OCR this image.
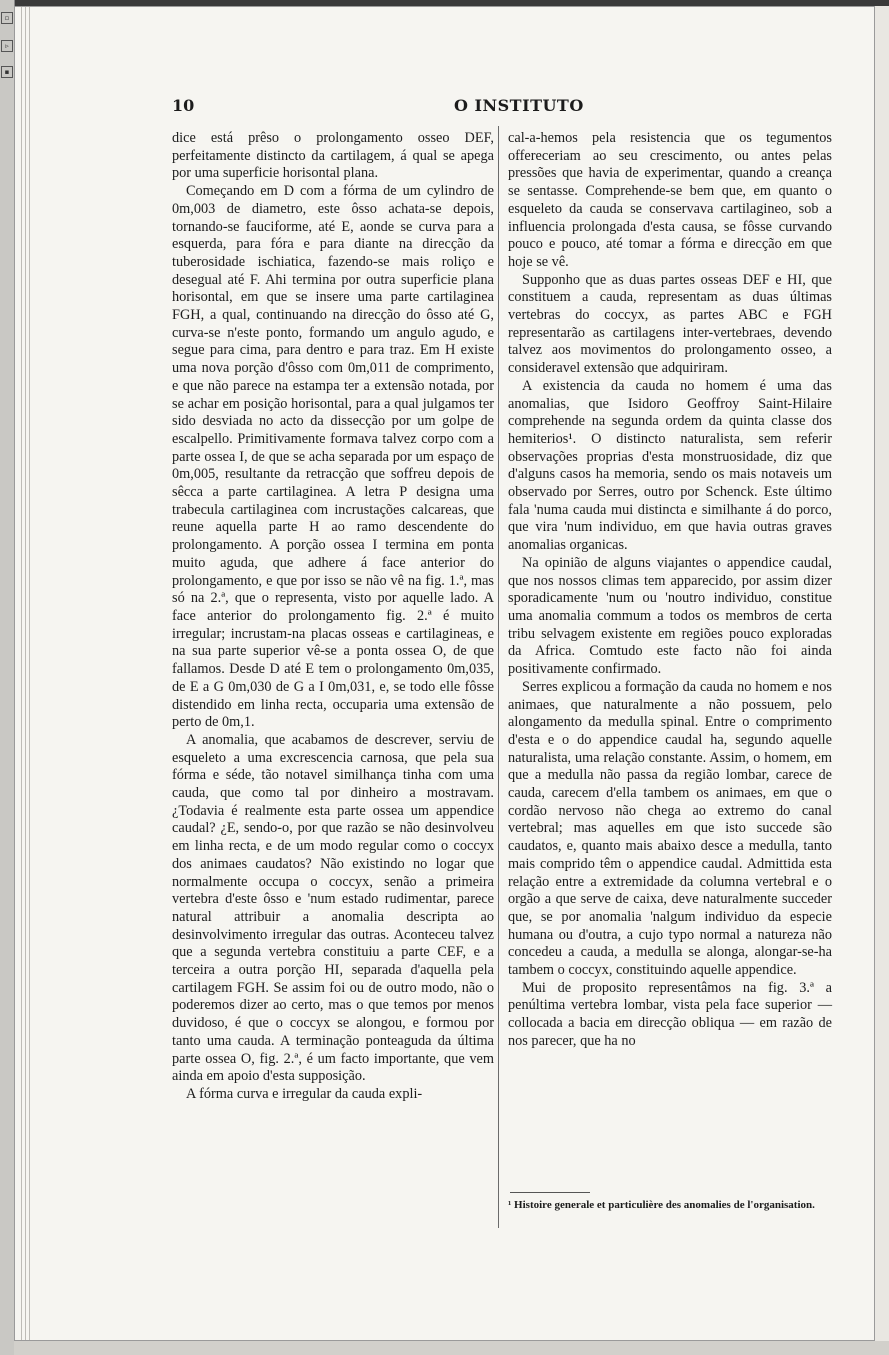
▫
▹
▪
10	O INSTITUTO

dice está prêso o prolongamento osseo DEF, perfeitamente distincto da cartilagem, á qual se apega por uma superficie horisontal plana.

Começando em D com a fórma de um cylindro de 0m,003 de diametro, este ôsso achata-se depois, tornando-se fauciforme, até E, aonde se curva para a esquerda, para fóra e para diante na direcção da tuberosidade ischiatica, fazendo-se mais roliço e desegual até F. Ahi termina por outra superficie plana horisontal, em que se insere uma parte cartilaginea FGH, a qual, continuando na direcção do ôsso até G, curva-se n'este ponto, formando um angulo agudo, e segue para cima, para dentro e para traz. Em H existe uma nova porção d'ôsso com 0m,011 de comprimento, e que não parece na estampa ter a extensão notada, por se achar em posição horisontal, para a qual julgamos ter sido desviada no acto da dissecção por um golpe de escalpello. Primitivamente formava talvez corpo com a parte ossea I, de que se acha separada por um espaço de 0m,005, resultante da retracção que soffreu depois de sêcca a parte cartilaginea. A letra P designa uma trabecula cartilaginea com incrustações calcareas, que reune aquella parte H ao ramo descendente do prolongamento. A porção ossea I termina em ponta muito aguda, que adhere á face anterior do prolongamento, e que por isso se não vê na fig. 1.ª, mas só na 2.ª, que o representa, visto por aquelle lado. A face anterior do prolongamento fig. 2.ª é muito irregular; incrustam-na placas osseas e cartilagineas, e na sua parte superior vê-se a ponta ossea O, de que fallamos. Desde D até E tem o prolongamento 0m,035, de E a G 0m,030 de G a I 0m,031, e, se todo elle fôsse distendido em linha recta, occuparia uma extensão de perto de 0m,1.

A anomalia, que acabamos de descrever, serviu de esqueleto a uma excrescencia carnosa, que pela sua fórma e séde, tão notavel similhança tinha com uma cauda, que como tal por dinheiro a mostravam. ¿Todavia é realmente esta parte ossea um appendice caudal? ¿E, sendo-o, por que razão se não desinvolveu em linha recta, e de um modo regular como o coccyx dos animaes caudatos? Não existindo no logar que normalmente occupa o coccyx, senão a primeira vertebra d'este ôsso e 'num estado rudimentar, parece natural attribuir a anomalia descripta ao desinvolvimento irregular das outras. Aconteceu talvez que a segunda vertebra constituiu a parte CEF, e a terceira a outra porção HI, separada d'aquella pela cartilagem FGH. Se assim foi ou de outro modo, não o poderemos dizer ao certo, mas o que temos por menos duvidoso, é que o coccyx se alongou, e formou por tanto uma cauda. A terminação ponteaguda da última parte ossea O, fig. 2.ª, é um facto importante, que vem ainda em apoio d'esta supposição.

A fórma curva e irregular da cauda expli-

cal-a-hemos pela resistencia que os tegumentos offereceriam ao seu crescimento, ou antes pelas pressões que havia de experimentar, quando a creança se sentasse. Comprehende-se bem que, em quanto o esqueleto da cauda se conservava cartilagineo, sob a influencia prolongada d'esta causa, se fôsse curvando pouco e pouco, até tomar a fórma e direcção em que hoje se vê.

Supponho que as duas partes osseas DEF e HI, que constituem a cauda, representam as duas últimas vertebras do coccyx, as partes ABC e FGH representarão as cartilagens inter-vertebraes, devendo talvez aos movimentos do prolongamento osseo, a consideravel extensão que adquiriram.

A existencia da cauda no homem é uma das anomalias, que Isidoro Geoffroy Saint-Hilaire comprehende na segunda ordem da quinta classe dos hemiterios¹. O distincto naturalista, sem referir observações proprias d'esta monstruosidade, diz que d'alguns casos ha memoria, sendo os mais notaveis um observado por Serres, outro por Schenck. Este último fala 'numa cauda mui distincta e similhante á do porco, que vira 'num individuo, em que havia outras graves anomalias organicas.

Na opinião de alguns viajantes o appendice caudal, que nos nossos climas tem apparecido, por assim dizer sporadicamente 'num ou 'noutro individuo, constitue uma anomalia commum a todos os membros de certa tribu selvagem existente em regiões pouco exploradas da Africa. Comtudo este facto não foi ainda positivamente confirmado.

Serres explicou a formação da cauda no homem e nos animaes, que naturalmente a não possuem, pelo alongamento da medulla spinal. Entre o comprimento d'esta e o do appendice caudal ha, segundo aquelle naturalista, uma relação constante. Assim, o homem, em que a medulla não passa da região lombar, carece de cauda, carecem d'ella tambem os animaes, em que o cordão nervoso não chega ao extremo do canal vertebral; mas aquelles em que isto succede são caudatos, e, quanto mais abaixo desce a medulla, tanto mais comprido têm o appendice caudal. Admittida esta relação entre a extremidade da columna vertebral e o orgão a que serve de caixa, deve naturalmente succeder que, se por anomalia 'nalgum individuo da especie humana ou d'outra, a cujo typo normal a natureza não concedeu a cauda, a medulla se alonga, alongar-se-ha tambem o coccyx, constituindo aquelle appendice.

Mui de proposito representâmos na fig. 3.ª a penúltima vertebra lombar, vista pela face superior — collocada a bacia em direcção obliqua — em razão de nos parecer, que ha no

¹ Histoire generale et particulière des anomalies de l'organisation.
